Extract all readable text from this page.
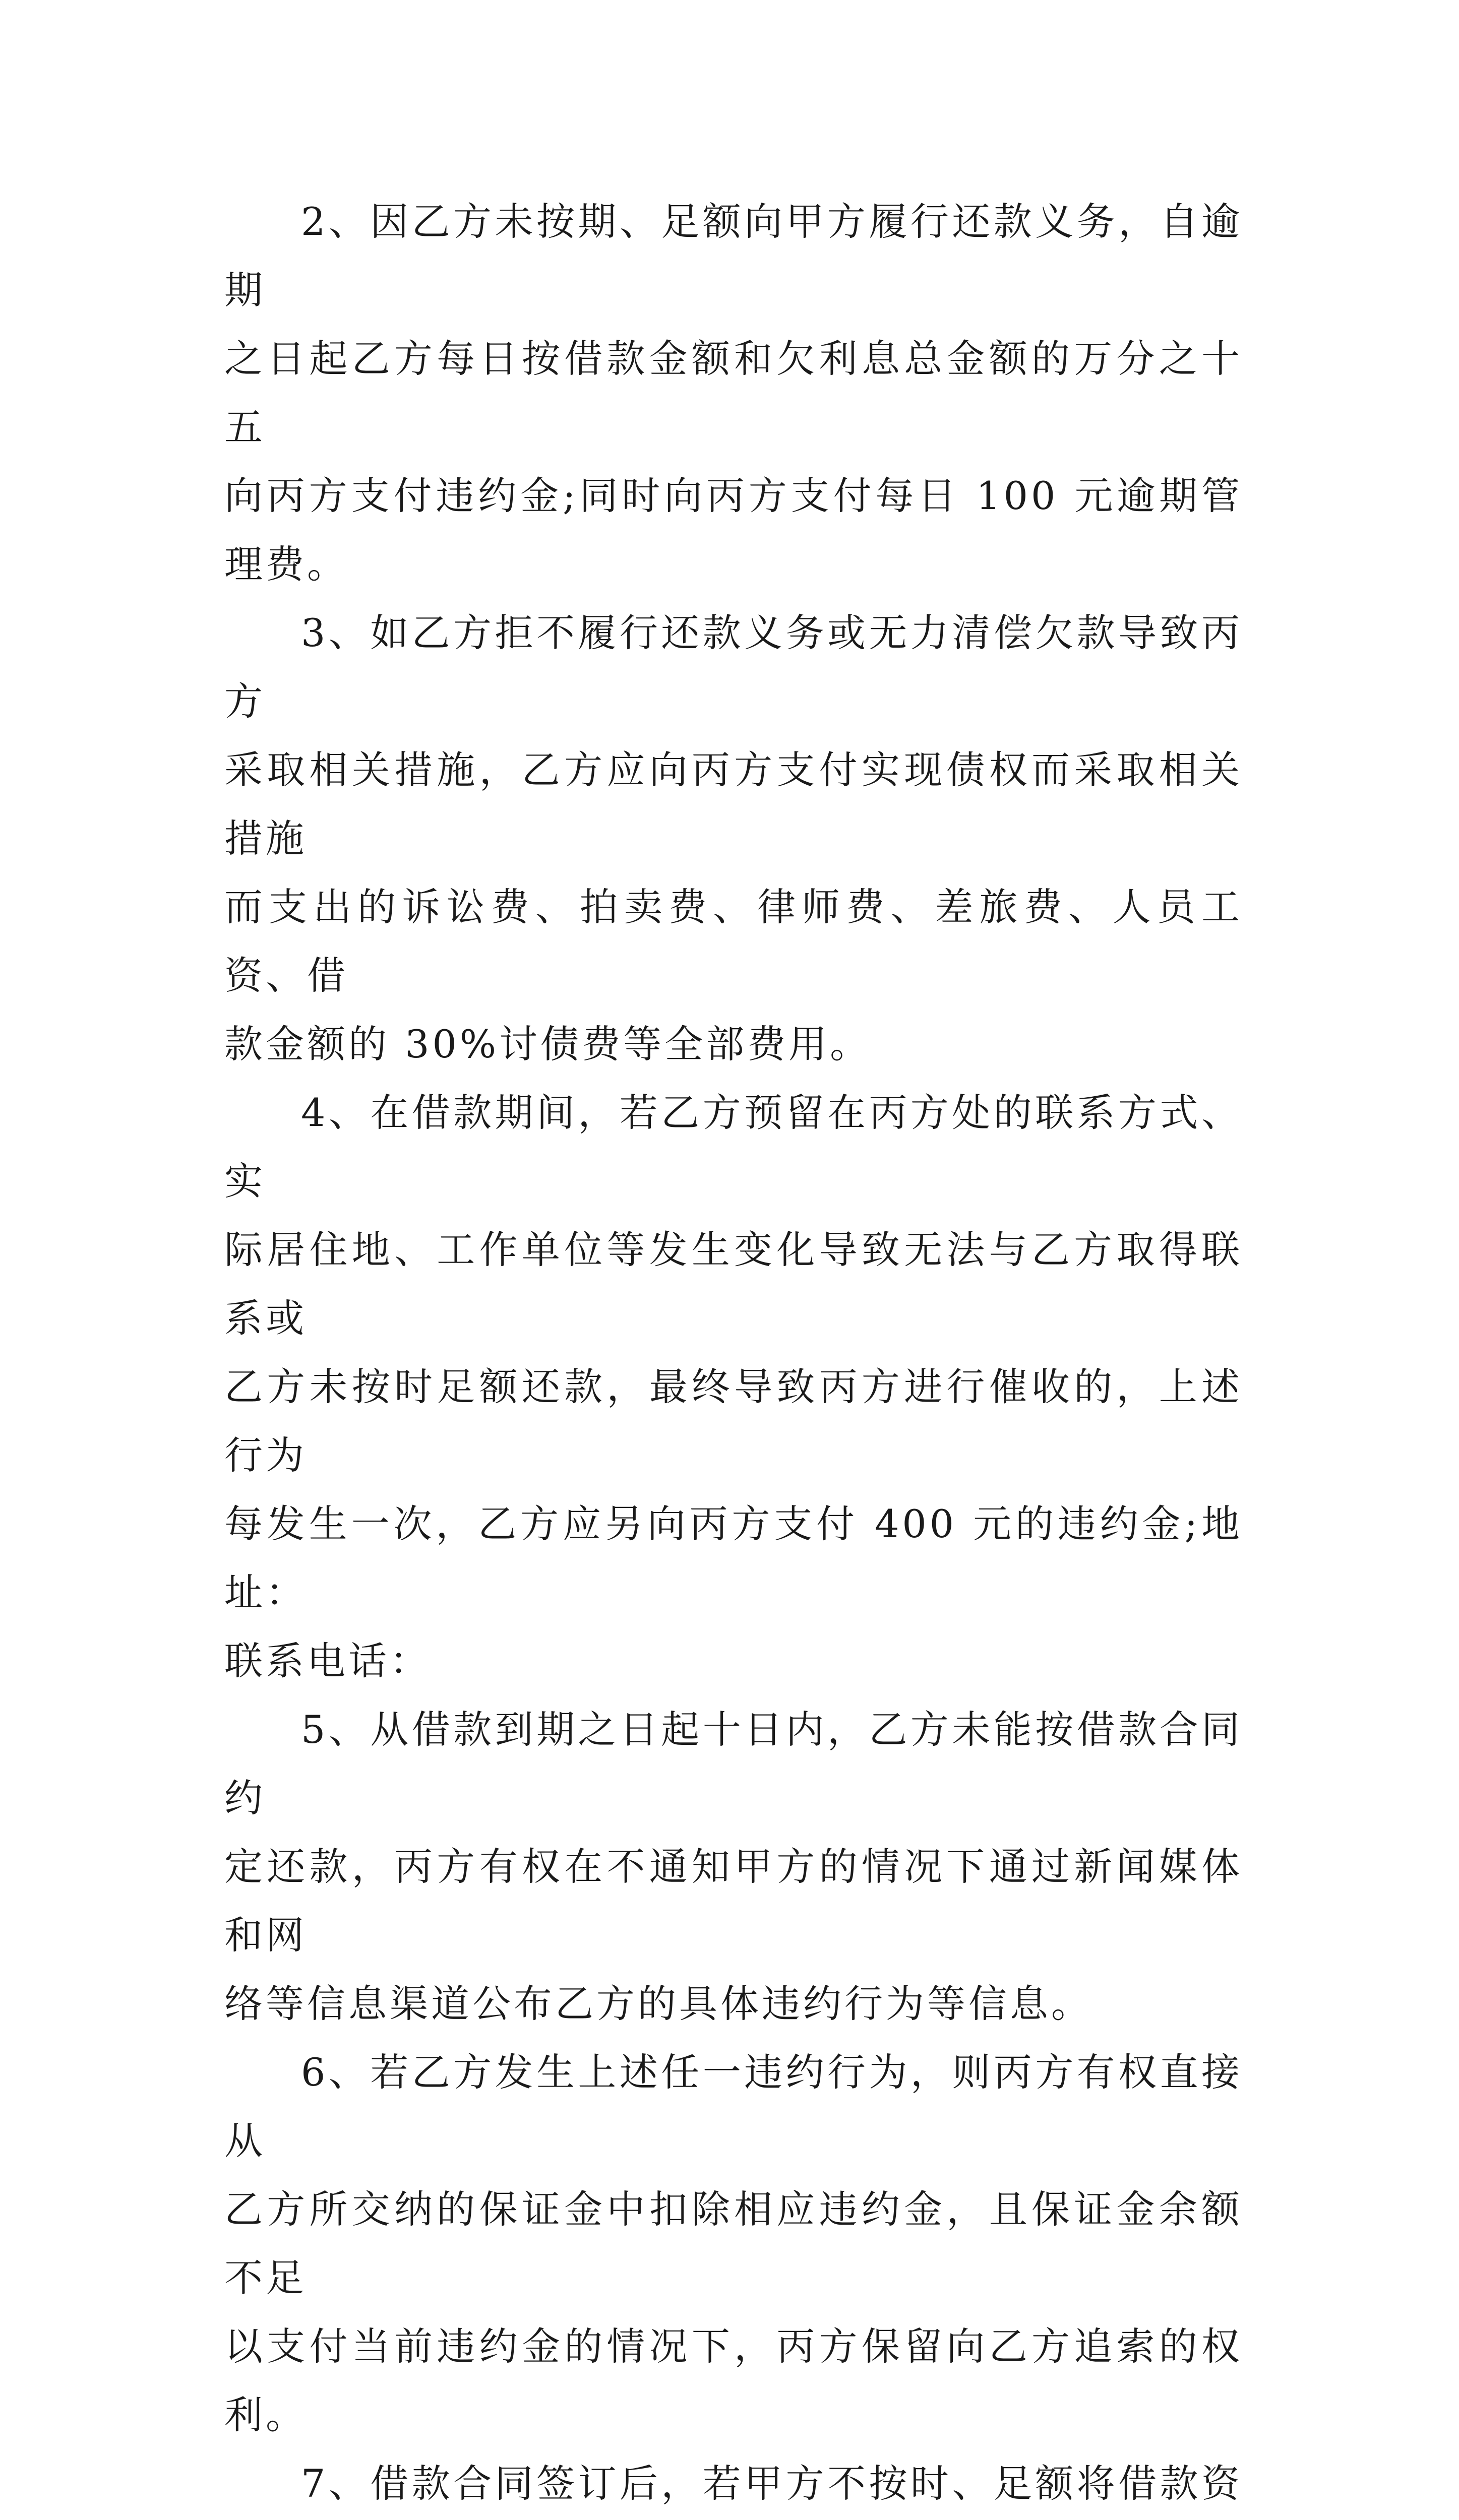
2、因乙方未按期、足额向甲方履行还款义务，自逾期
之日起乙方每日按借款金额和欠利息总金额的万分之十五
向丙方支付违约金;同时向丙方支付每日 100 元逾期管理费。

3、如乙方拒不履行还款义务或无力清偿欠款导致丙方
采取相关措施，乙方应向丙方支付实现债权而采取相关措施
而支出的诉讼费、拍卖费、律师费、差旅费、人员工资、借
款金额的 30%讨债费等全部费用。

4、在借款期间，若乙方预留在丙方处的联系方式、实
际居住地、工作单位等发生变化导致无法与乙方取得联系或
乙方未按时足额还款，最终导致丙方进行催收的，上述行为
每发生一次，乙方应另向丙方支付 400 元的违约金;地址：
联系电话：

5、从借款到期之日起十日内，乙方未能按借款合同约
定还款，丙方有权在不通知甲方的情况下通过新闻媒体和网
络等信息渠道公布乙方的具体违约行为等信息。

6、若乙方发生上述任一违约行为，则丙方有权直接从
乙方所交纳的保证金中扣除相应违约金，且保证金余额不足
以支付当前违约金的情况下，丙方保留向乙方追索的权利。

7、借款合同签订后，若甲方不按时、足额将借款资
